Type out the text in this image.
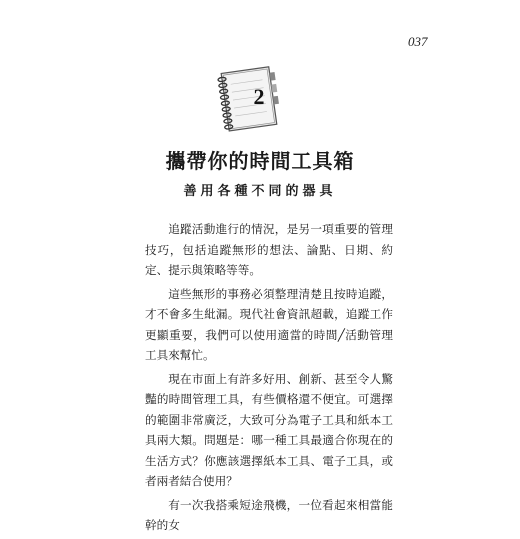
037
2
攜帶你的時間工具箱
善用各種不同的器具

追蹤活動進行的情況，是另一項重要的管理技巧，包括追蹤無形的想法、論點、日期、約定、提示與策略等等。

這些無形的事務必須整理清楚且按時追蹤，才不會多生紕漏。現代社會資訊超載，追蹤工作更顯重要，我們可以使用適當的時間╱活動管理工具來幫忙。

現在市面上有許多好用、創新、甚至令人驚豔的時間管理工具，有些價格還不便宜。可選擇的範圍非常廣泛，大致可分為電子工具和紙本工具兩大類。問題是：哪一種工具最適合你現在的生活方式？你應該選擇紙本工具、電子工具，或者兩者結合使用？

有一次我搭乘短途飛機，一位看起來相當能幹的女
